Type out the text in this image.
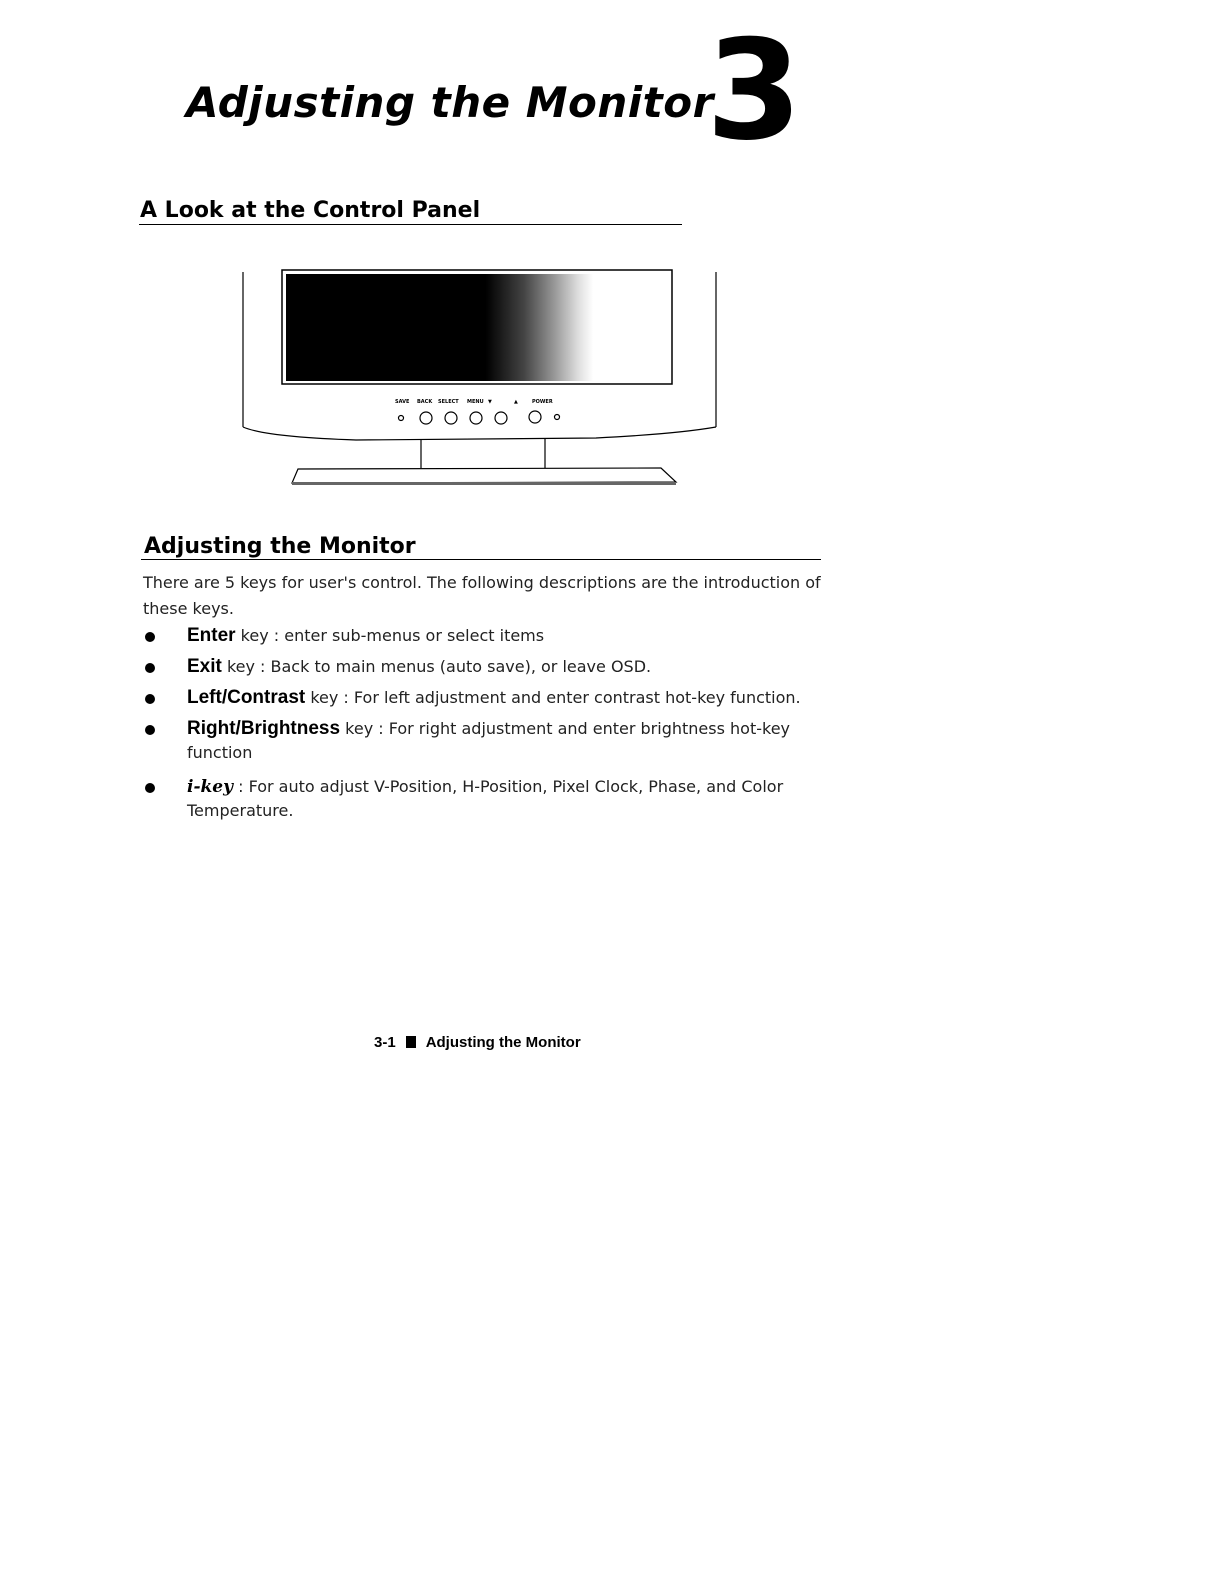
Adjusting the Monitor
3
A Look at the Control Panel
SAVE BACK SELECT MENU ▼	▲	POWER
Adjusting the Monitor
There are 5 keys for user's control. The following descriptions are the introduction of these keys.
Enter key : enter sub-menus or select items
Exit key : Back to main menus (auto save), or leave OSD.
Left/Contrast key : For left adjustment and enter contrast hot-key function.
Right/Brightness key : For right adjustment and enter brightness hot-key function
i-key : For auto adjust V-Position, H-Position, Pixel Clock, Phase, and Color Temperature.
3-1 Adjusting the Monitor
